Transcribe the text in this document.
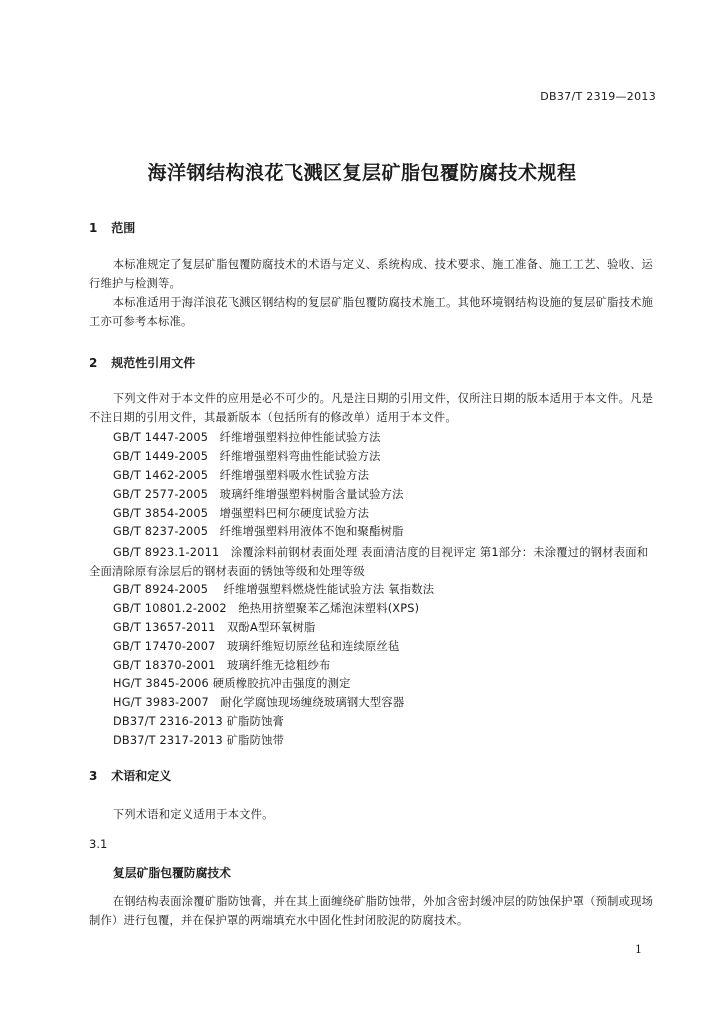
DB37/T 2319—2013
海洋钢结构浪花飞溅区复层矿脂包覆防腐技术规程
1 范围
本标准规定了复层矿脂包覆防腐技术的术语与定义、系统构成、技术要求、施工准备、施工工艺、验收、运行维护与检测等。
本标准适用于海洋浪花飞溅区钢结构的复层矿脂包覆防腐技术施工。其他环境钢结构设施的复层矿脂技术施工亦可参考本标准。
2 规范性引用文件
下列文件对于本文件的应用是必不可少的。凡是注日期的引用文件，仅所注日期的版本适用于本文件。凡是不注日期的引用文件，其最新版本（包括所有的修改单）适用于本文件。
GB/T 1447-2005　纤维增强塑料拉伸性能试验方法
GB/T 1449-2005　纤维增强塑料弯曲性能试验方法
GB/T 1462-2005　纤维增强塑料吸水性试验方法
GB/T 2577-2005　玻璃纤维增强塑料树脂含量试验方法
GB/T 3854-2005　增强塑料巴柯尔硬度试验方法
GB/T 8237-2005　纤维增强塑料用液体不饱和聚酯树脂
GB/T 8923.1-2011　涂覆涂料前钢材表面处理 表面清洁度的目视评定 第1部分：未涂覆过的钢材表面和全面清除原有涂层后的钢材表面的锈蚀等级和处理等级
GB/T 8924-2005　 纤维增强塑料燃烧性能试验方法 氧指数法
GB/T 10801.2-2002　绝热用挤塑聚苯乙烯泡沫塑料(XPS)
GB/T 13657-2011　双酚A型环氧树脂
GB/T 17470-2007　玻璃纤维短切原丝毡和连续原丝毡
GB/T 18370-2001　玻璃纤维无捻粗纱布
HG/T 3845-2006 硬质橡胶抗冲击强度的测定
HG/T 3983-2007　耐化学腐蚀现场缠绕玻璃钢大型容器
DB37/T 2316-2013 矿脂防蚀膏
DB37/T 2317-2013 矿脂防蚀带
3 术语和定义
下列术语和定义适用于本文件。
3.1
复层矿脂包覆防腐技术
在钢结构表面涂覆矿脂防蚀膏，并在其上面缠绕矿脂防蚀带，外加含密封缓冲层的防蚀保护罩（预制或现场制作）进行包覆，并在保护罩的两端填充水中固化性封闭胶泥的防腐技术。
1
